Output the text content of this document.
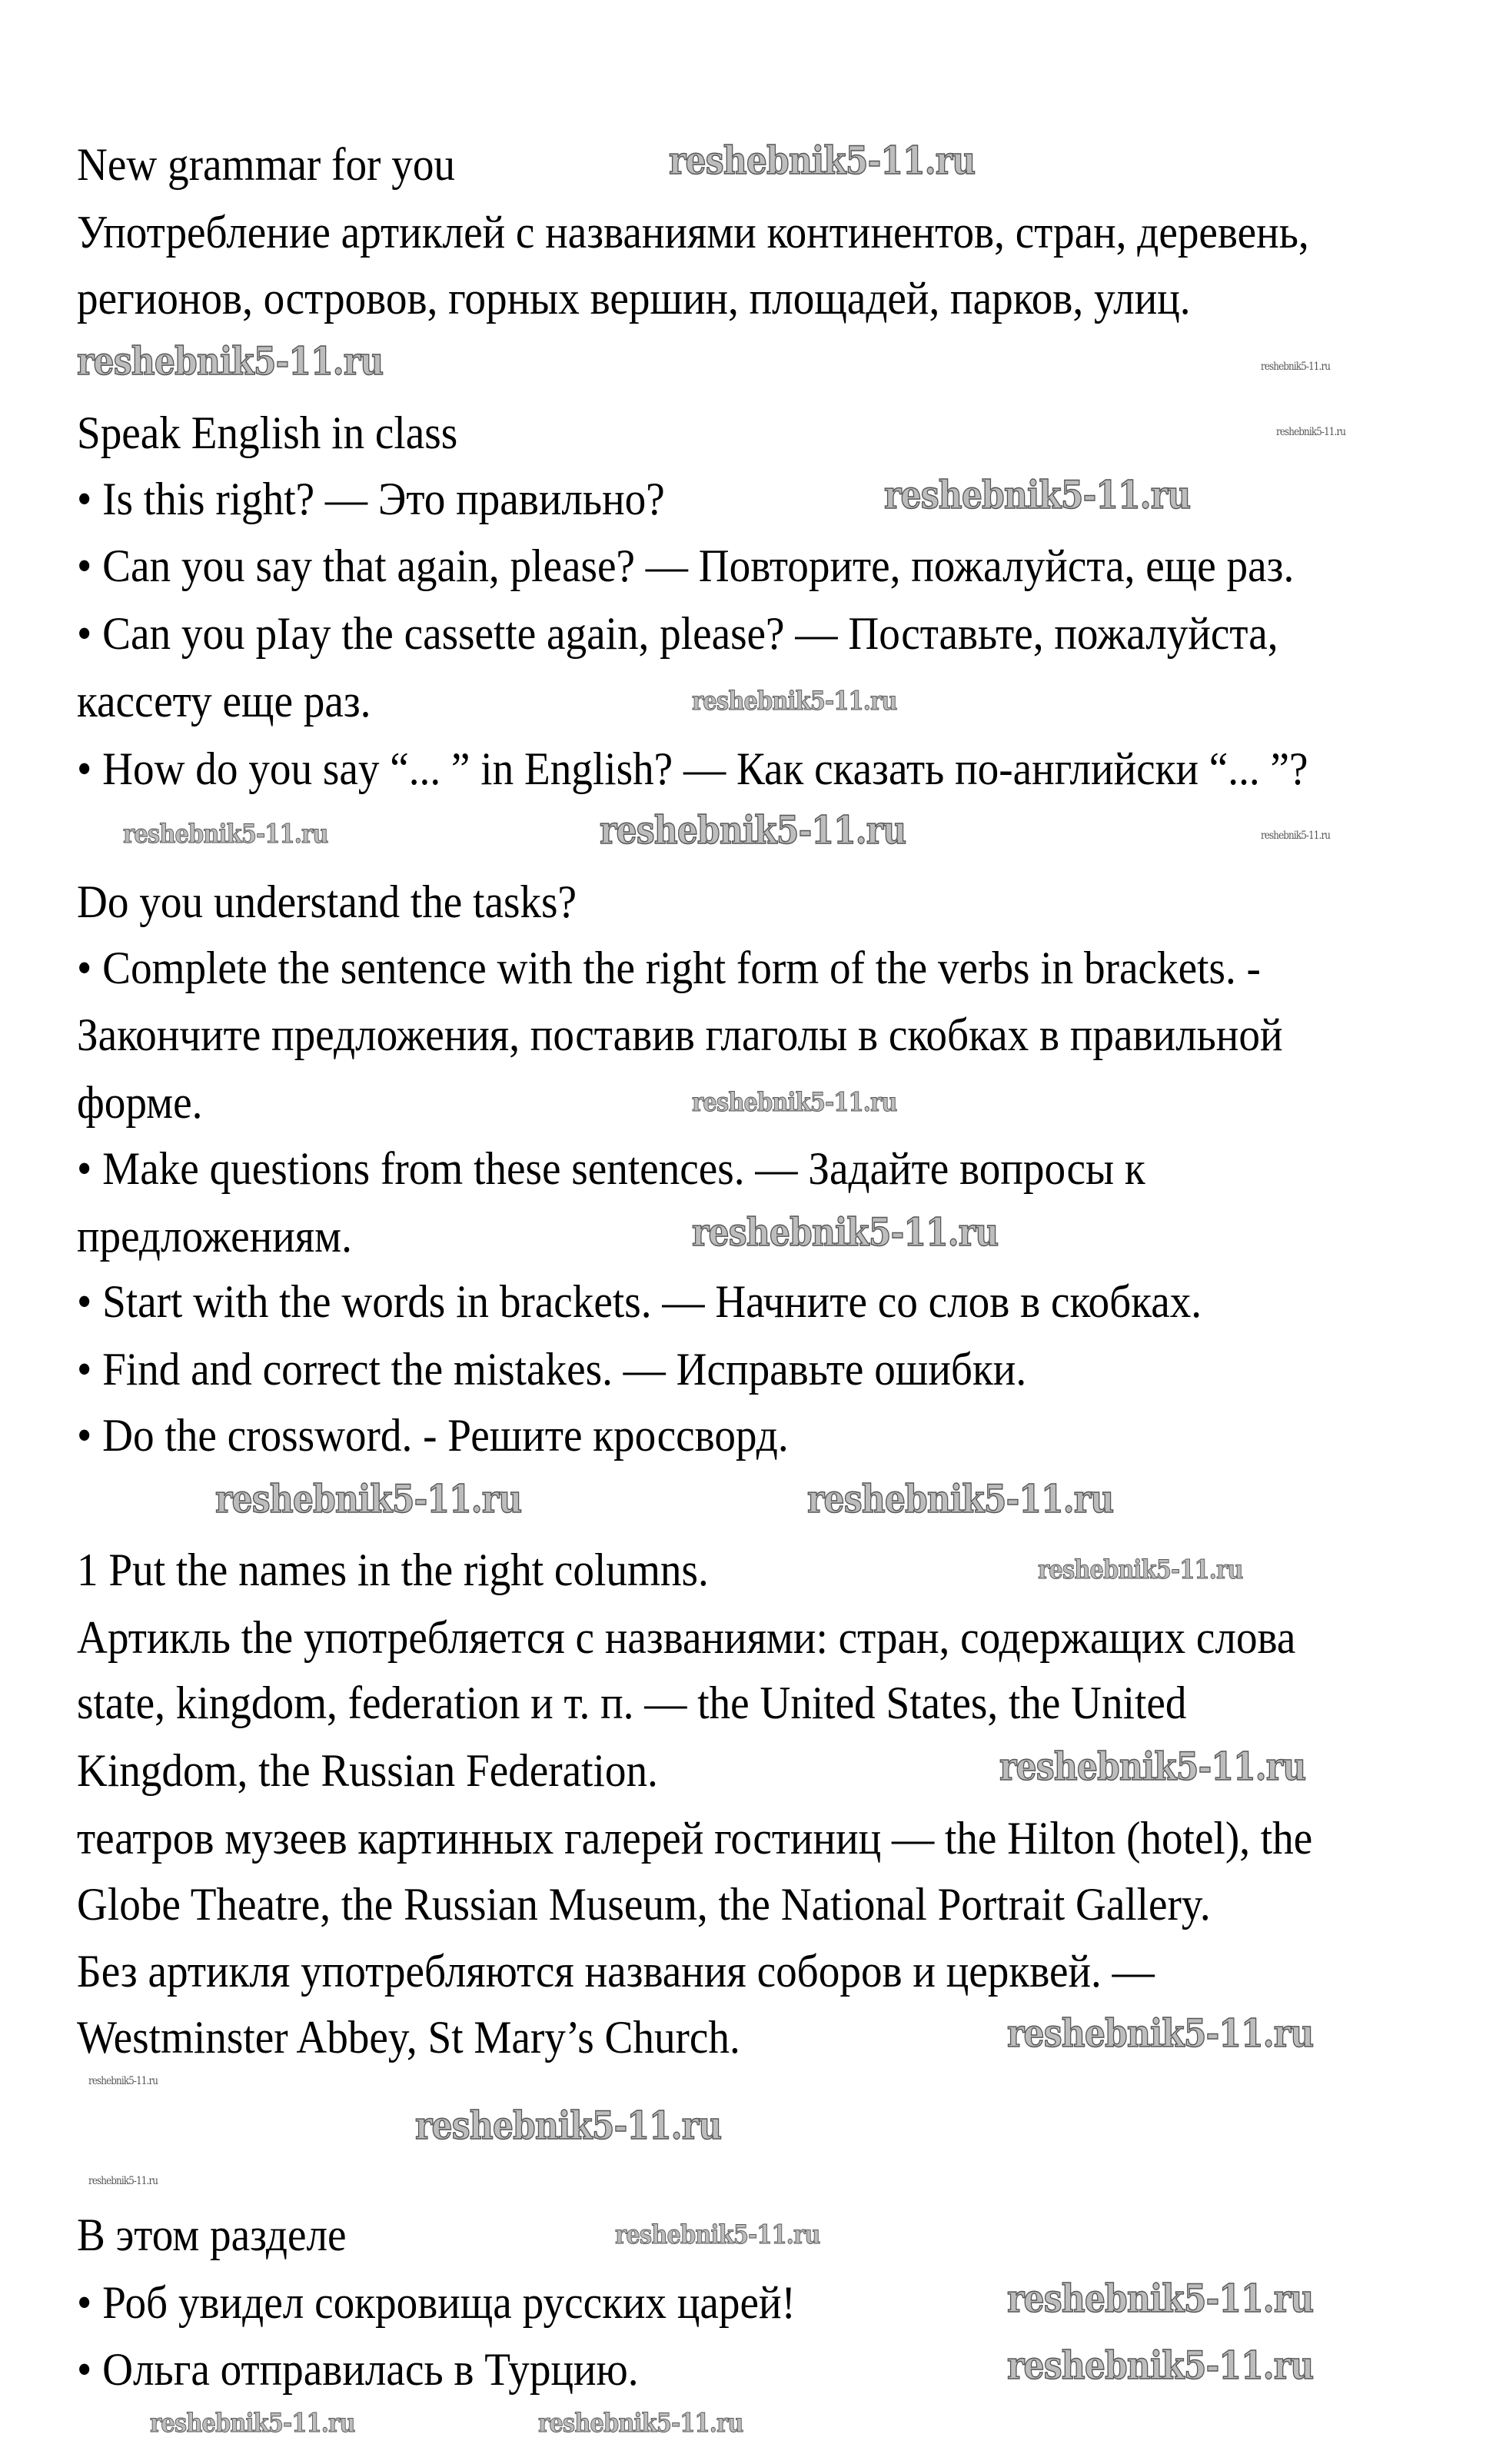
New grammar for you
Употребление артиклей с названиями континентов, стран, деревень,
регионов, островов, горных вершин, площадей, парков, улиц.
Speak English in class
• Is this right? — Это правильно?
• Can you say that again, please? — Повторите, пожалуйста, еще раз.
• Can you pIay the cassette again, please? — Поставьте, пожалуйста,
кассету еще раз.
• How do you say “... ” in English? — Как сказать по-английски “... ”?
Do you understand the tasks?
• Complete the sentence with the right form of the verbs in brackets. -
Закончите предложения, поставив глаголы в скобках в правильной
форме.
• Make questions from these sentences. — Задайте вопросы к
предложениям.
• Start with the words in brackets. — Начните со слов в скобках.
• Find and correct the mistakes. — Исправьте ошибки.
• Do the crossword. - Решите кроссворд.
1 Put the names in the right columns.
Артикль the употребляется с названиями: стран, содержащих слова
state, kingdom, federation и т. п. — the United States, the United
Kingdom, the Russian Federation.
театров музеев картинных галерей гостиниц — the Hilton (hotel), the
Globe Theatre, the Russian Museum, the National Portrait Gallery.
Без артикля употребляются названия соборов и церквей. —
Westminster Abbey, St Mary’s Church.
В этом разделе
• Роб увидел сокровища русских царей!
• Ольга отправилась в Турцию.
reshebnik5-11.ru
reshebnik5-11.ru	reshebnik5-11.ru
reshebnik5-11.ru
reshebnik5-11.ru
reshebnik5-11.ru
reshebnik5-11.ru	reshebnik5-11.ru	reshebnik5-11.ru
reshebnik5-11.ru
reshebnik5-11.ru
reshebnik5-11.ru	reshebnik5-11.ru
reshebnik5-11.ru
reshebnik5-11.ru
reshebnik5-11.ru
reshebnik5-11.ru
reshebnik5-11.ru
reshebnik5-11.ru
reshebnik5-11.ru
reshebnik5-11.ru
reshebnik5-11.ru
reshebnik5-11.ru	reshebnik5-11.ru
